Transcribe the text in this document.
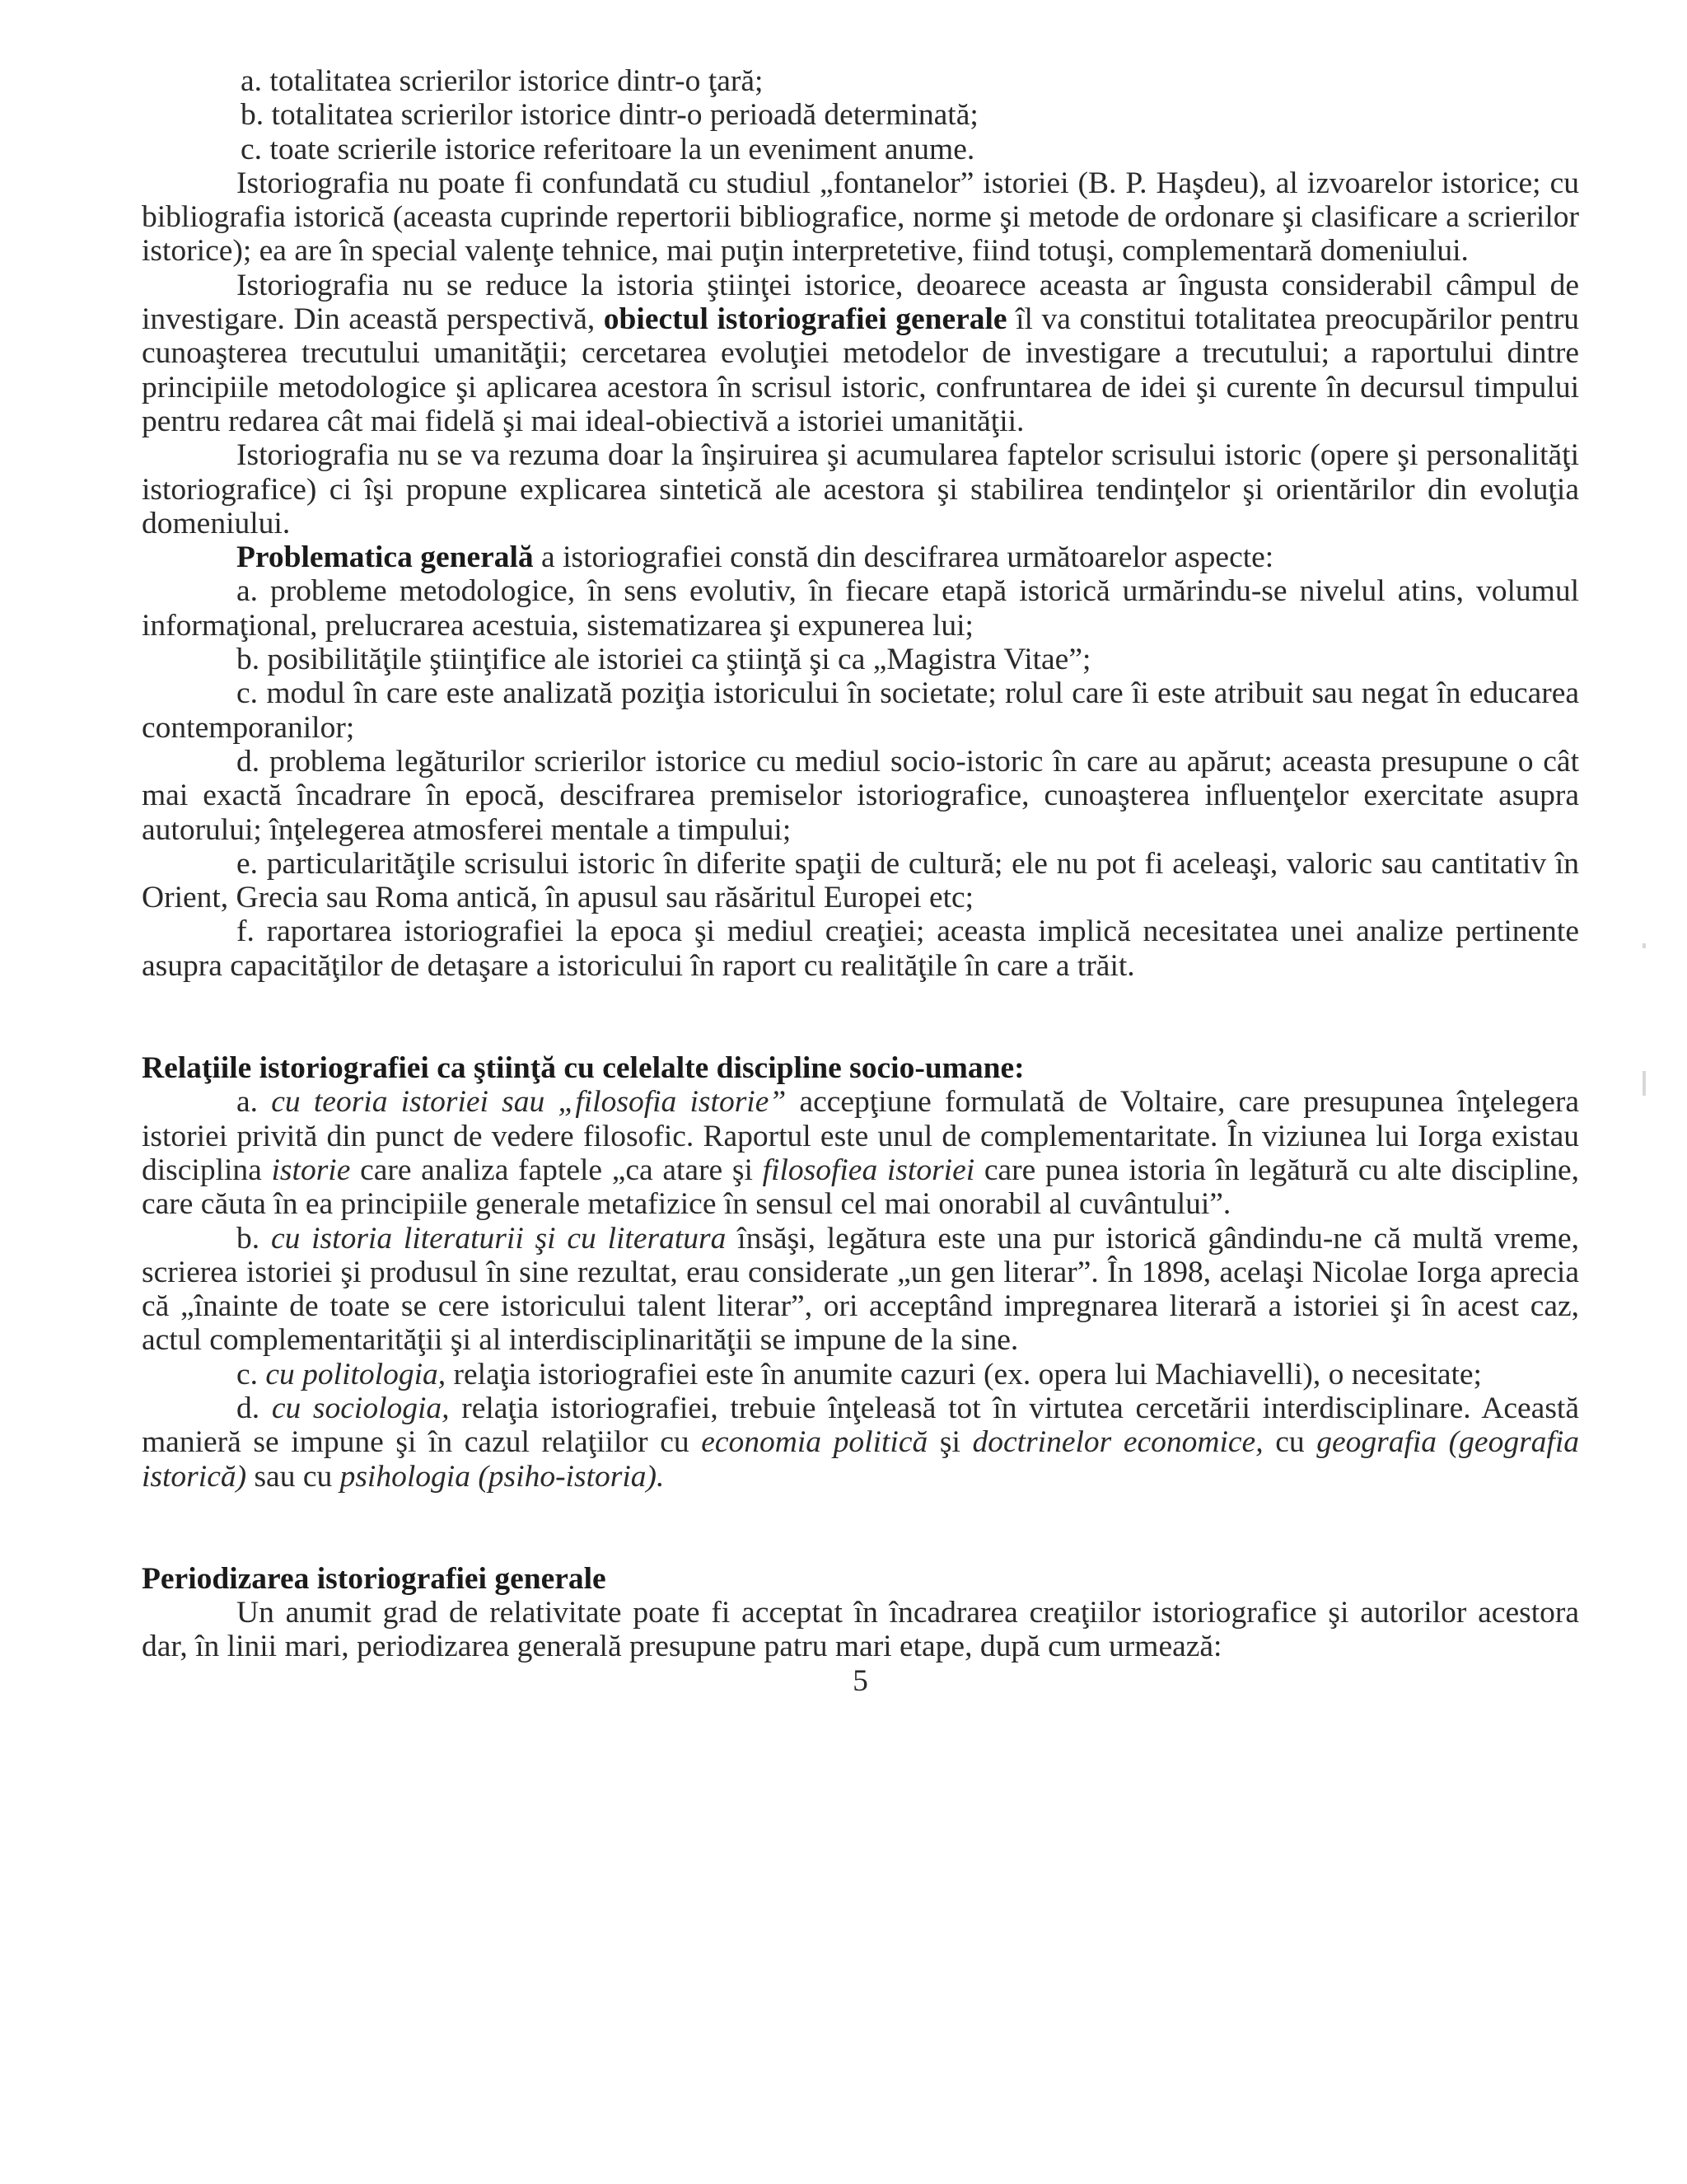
a. totalitatea scrierilor istorice dintr-o ţară;

b. totalitatea scrierilor istorice dintr-o perioadă determinată;

c. toate scrierile istorice referitoare la un eveniment anume.

Istoriografia nu poate fi confundată cu studiul „fontanelor” istoriei (B. P. Haşdeu), al izvoarelor istorice; cu bibliografia istorică (aceasta cuprinde repertorii bibliografice, norme şi metode de ordonare şi clasificare a scrierilor istorice); ea are în special valenţe tehnice, mai puţin interpretetive, fiind totuşi, complementară domeniului.

Istoriografia nu se reduce la istoria ştiinţei istorice, deoarece aceasta ar îngusta considerabil câmpul de investigare. Din această perspectivă, obiectul istoriografiei generale îl va constitui totalitatea preocupărilor pentru cunoaşterea trecutului umanităţii; cercetarea evoluţiei metodelor de investigare a trecutului; a raportului dintre principiile metodologice şi aplicarea acestora în scrisul istoric, confruntarea de idei şi curente în decursul timpului pentru redarea cât mai fidelă şi mai ideal-obiectivă a istoriei umanităţii.

Istoriografia nu se va rezuma doar la înşiruirea şi acumularea faptelor scrisului istoric (opere şi personalităţi istoriografice) ci îşi propune explicarea sintetică ale acestora şi stabilirea tendinţelor şi orientărilor din evoluţia domeniului.

Problematica generală a istoriografiei constă din descifrarea următoarelor aspecte:

a. probleme metodologice, în sens evolutiv, în fiecare etapă istorică urmărindu-se nivelul atins, volumul informaţional, prelucrarea acestuia, sistematizarea şi expunerea lui;

b. posibilităţile ştiinţifice ale istoriei ca ştiinţă şi ca „Magistra Vitae”;

c. modul în care este analizată poziţia istoricului în societate; rolul care îi este atribuit sau negat în educarea contemporanilor;

d. problema legăturilor scrierilor istorice cu mediul socio-istoric în care au apărut; aceasta presupune o cât mai exactă încadrare în epocă, descifrarea premiselor istoriografice, cunoaşterea influenţelor exercitate asupra autorului; înţelegerea atmosferei mentale a timpului;

e. particularităţile scrisului istoric în diferite spaţii de cultură; ele nu pot fi aceleaşi, valoric sau cantitativ în Orient, Grecia sau Roma antică, în apusul sau răsăritul Europei etc;

f. raportarea istoriografiei la epoca şi mediul creaţiei; aceasta implică necesitatea unei analize pertinente asupra capacităţilor de detaşare a istoricului în raport cu realităţile în care a trăit.

Relaţiile istoriografiei ca ştiinţă cu celelalte discipline socio-umane:

a. cu teoria istoriei sau „filosofia istorie” accepţiune formulată de Voltaire, care presupunea înţelegera istoriei privită din punct de vedere filosofic. Raportul este unul de complementaritate. În viziunea lui Iorga existau disciplina istorie care analiza faptele „ca atare şi filosofiea istoriei care punea istoria în legătură cu alte discipline, care căuta în ea principiile generale metafizice în sensul cel mai onorabil al cuvântului”.

b. cu istoria literaturii şi cu literatura însăşi, legătura este una pur istorică gândindu-ne că multă vreme, scrierea istoriei şi produsul în sine rezultat, erau considerate „un gen literar”. În 1898, acelaşi Nicolae Iorga aprecia că „înainte de toate se cere istoricului talent literar”, ori acceptând impregnarea literară a istoriei şi în acest caz, actul complementarităţii şi al interdisciplinarităţii se impune de la sine.

c. cu politologia, relaţia istoriografiei este în anumite cazuri (ex. opera lui Machiavelli), o necesitate;

d. cu sociologia, relaţia istoriografiei, trebuie înţeleasă tot în virtutea cercetării interdisciplinare. Această manieră se impune şi în cazul relaţiilor cu economia politică şi doctrinelor economice, cu geografia (geografia istorică) sau cu psihologia (psiho-istoria).

Periodizarea istoriografiei generale

Un anumit grad de relativitate poate fi acceptat în încadrarea creaţiilor istoriografice şi autorilor acestora dar, în linii mari, periodizarea generală presupune patru mari etape, după cum urmează:

5
